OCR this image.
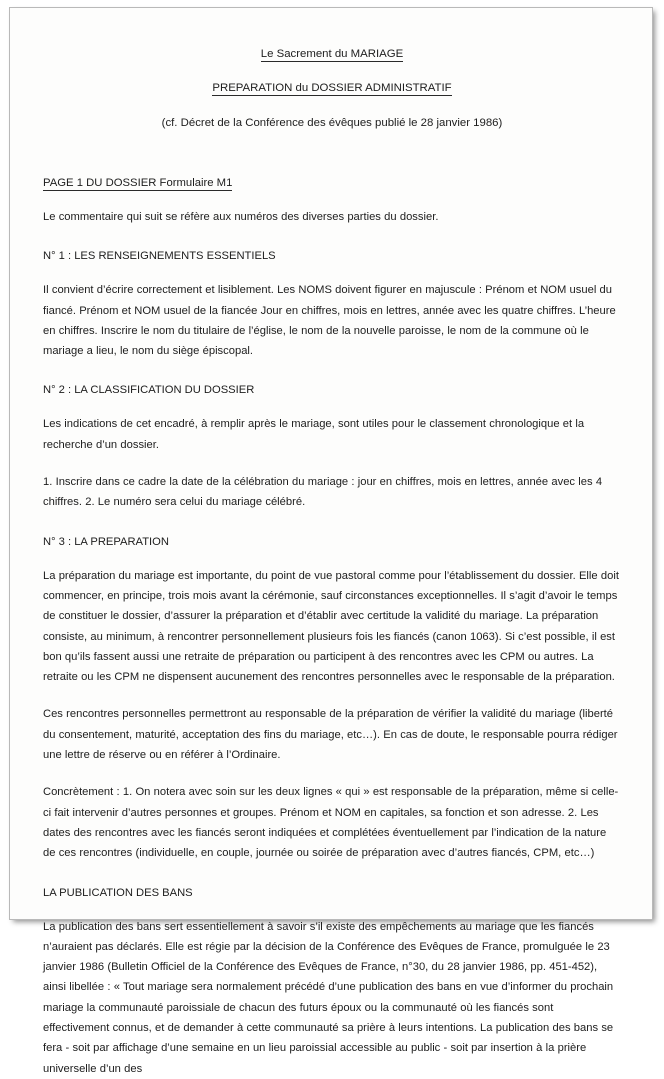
Le Sacrement du MARIAGE
PREPARATION du DOSSIER ADMINISTRATIF
(cf. Décret de la Conférence des évêques publié le 28 janvier 1986)
PAGE 1 DU DOSSIER Formulaire M1

Le commentaire qui suit se réfère aux numéros des diverses parties du dossier.

N° 1 : LES RENSEIGNEMENTS ESSENTIELS

Il convient d’écrire correctement et lisiblement. Les NOMS doivent figurer en majuscule : Prénom et NOM usuel du fiancé. Prénom et NOM usuel de la fiancée Jour en chiffres, mois en lettres, année avec les quatre chiffres. L’heure en chiffres. Inscrire le nom du titulaire de l’église, le nom de la nouvelle paroisse, le nom de la commune où le mariage a lieu, le nom du siège épiscopal.

N° 2 : LA CLASSIFICATION DU DOSSIER

Les indications de cet encadré, à remplir après le mariage, sont utiles pour le classement chronologique et la recherche d’un dossier.

1. Inscrire dans ce cadre la date de la célébration du mariage : jour en chiffres, mois en lettres, année avec les 4 chiffres. 2. Le numéro sera celui du mariage célébré.

N° 3 : LA PREPARATION

La préparation du mariage est importante, du point de vue pastoral comme pour l’établissement du dossier. Elle doit commencer, en principe, trois mois avant la cérémonie, sauf circonstances exceptionnelles. Il s’agit d’avoir le temps de constituer le dossier, d’assurer la préparation et d’établir avec certitude la validité du mariage. La préparation consiste, au minimum, à rencontrer personnellement plusieurs fois les fiancés (canon 1063). Si c’est possible, il est bon qu’ils fassent aussi une retraite de préparation ou participent à des rencontres avec les CPM ou autres. La retraite ou les CPM ne dispensent aucunement des rencontres personnelles avec le responsable de la préparation.

Ces rencontres personnelles permettront au responsable de la préparation de vérifier la validité du mariage (liberté du consentement, maturité, acceptation des fins du mariage, etc…). En cas de doute, le responsable pourra rédiger une lettre de réserve ou en référer à l’Ordinaire.

Concrètement : 1. On notera avec soin sur les deux lignes « qui » est responsable de la préparation, même si celle-ci fait intervenir d’autres personnes et groupes. Prénom et NOM en capitales, sa fonction et son adresse. 2. Les dates des rencontres avec les fiancés seront indiquées et complétées éventuellement par l’indication de la nature de ces rencontres (individuelle, en couple, journée ou soirée de préparation avec d’autres fiancés, CPM, etc…)

LA PUBLICATION DES BANS

La publication des bans sert essentiellement à savoir s’il existe des empêchements au mariage que les fiancés n’auraient pas déclarés. Elle est régie par la décision de la Conférence des Evêques de France, promulguée le 23 janvier 1986 (Bulletin Officiel de la Conférence des Evêques de France, n°30, du 28 janvier 1986, pp. 451-452), ainsi libellée : « Tout mariage sera normalement précédé d’une publication des bans en vue d’informer du prochain mariage la communauté paroissiale de chacun des futurs époux ou la communauté où les fiancés sont effectivement connus, et de demander à cette communauté sa prière à leurs intentions. La publication des bans se fera - soit par affichage d’une semaine en un lieu paroissial accessible au public - soit par insertion à la prière universelle d’un des
